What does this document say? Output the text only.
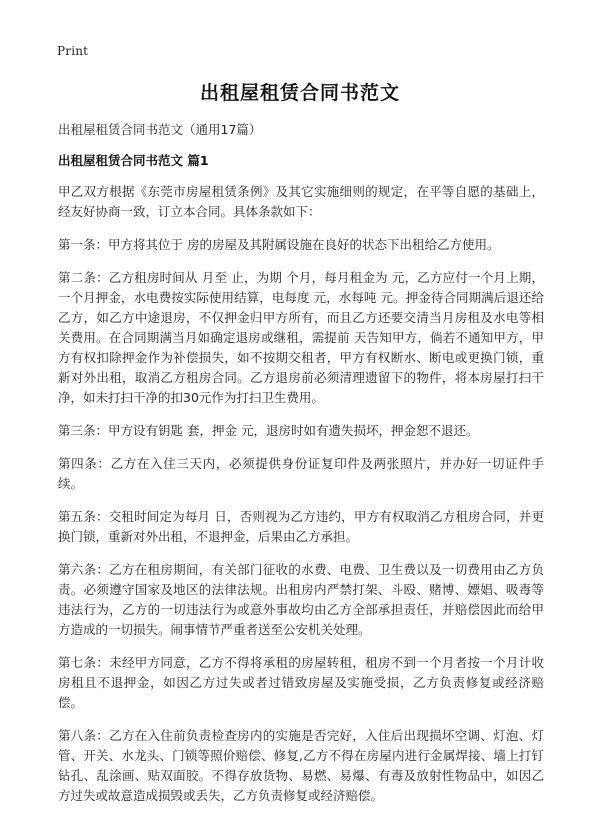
Print
出租屋租赁合同书范文
出租屋租赁合同书范文（通用17篇）
出租屋租赁合同书范文 篇1

甲乙双方根据《东莞市房屋租赁条例》及其它实施细则的规定，在平等自愿的基础上，经友好协商一致，订立本合同。具体条款如下：

第一条：甲方将其位于 房的房屋及其附属设施在良好的状态下出租给乙方使用。

第二条：乙方租房时间从 月至 止，为期 个月，每月租金为 元，乙方应付一个月上期，一个月押金，水电费按实际使用结算，电每度 元，水每吨 元。押金待合同期满后退还给乙方，如乙方中途退房，不仅押金归甲方所有，而且乙方还要交清当月房租及水电等相关费用。在合同期满当月如确定退房或继租，需提前 天告知甲方，倘若不通知甲方，甲方有权扣除押金作为补偿损失，如不按期交租者，甲方有权断水、断电或更换门锁，重新对外出租，取消乙方租房合同。乙方退房前必须清理遗留下的物件，将本房屋打扫干净，如未打扫干净的扣30元作为打扫卫生费用。

第三条：甲方设有钥匙 套，押金 元，退房时如有遗失损坏，押金恕不退还。

第四条：乙方在入住三天内，必须提供身份证复印件及两张照片，并办好一切证件手续。

第五条：交租时间定为每月 日，否则视为乙方违约，甲方有权取消乙方租房合同，并更换门锁，重新对外出租，不退押金，后果由乙方承担。

第六条：乙方在租房期间，有关部门征收的水费、电费、卫生费以及一切费用由乙方负责。必须遵守国家及地区的法律法规。出租房内严禁打架、斗殴、赌博、嫖娼、吸毒等违法行为，乙方的一切违法行为或意外事故均由乙方全部承担责任，并赔偿因此而给甲方造成的一切损失。闹事情节严重者送至公安机关处理。

第七条：未经甲方同意，乙方不得将承租的房屋转租，租房不到一个月者按一个月计收房租且不退押金，如因乙方过失或者过错致房屋及实施受损，乙方负责修复或经济赔偿。

第八条：乙方在入住前负责检查房内的实施是否完好，入住后出现损坏空调、灯泡、灯管、开关、水龙头、门锁等照价赔偿、修复,乙方不得在房屋内进行金属焊接、墙上打钉钻孔、乱涂画、贴双面胶。不得存放货物、易燃、易爆、有毒及放射性物品中，如因乙方过失或故意造成损毁或丢失，乙方负责修复或经济赔偿。
